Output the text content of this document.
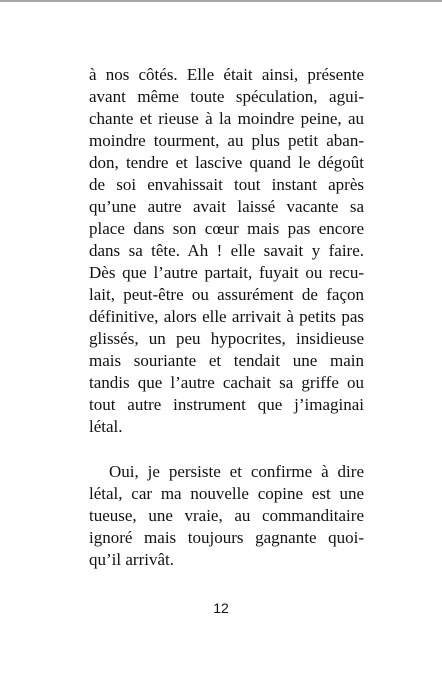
à nos côtés. Elle était ainsi, présente
avant même toute spéculation, agui-
chante et rieuse à la moindre peine, au
moindre tourment, au plus petit aban-
don, tendre et lascive quand le dégoût
de soi envahissait tout instant après
qu’une autre avait laissé vacante sa
place dans son cœur mais pas encore
dans sa tête. Ah ! elle savait y faire.
Dès que l’autre partait, fuyait ou recu-
lait, peut-être ou assurément de façon
définitive, alors elle arrivait à petits pas
glissés, un peu hypocrites, insidieuse
mais souriante et tendait une main
tandis que l’autre cachait sa griffe ou
tout autre instrument que j’imaginai
létal.
Oui, je persiste et confirme à dire
létal, car ma nouvelle copine est une
tueuse, une vraie, au commanditaire
ignoré mais toujours gagnante quoi-
qu’il arrivât.
12
